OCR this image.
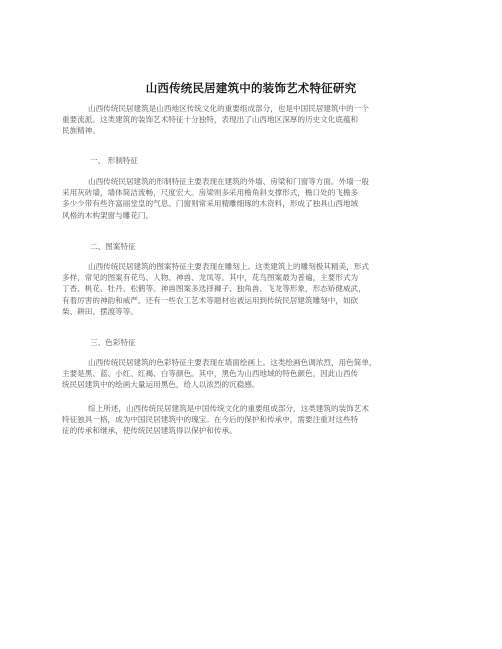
山西传统民居建筑中的装饰艺术特征研究
山西传统民居建筑是山西地区传统文化的重要组成部分，也是中国民居建筑中的一个
重要流派。这类建筑的装饰艺术特征十分独特，表现出了山西地区深厚的历史文化底蕴和
民族精神。
一、 形制特征
山西传统民居建筑的形制特征主要表现在建筑的外墙、房梁和门窗等方面。外墙一般
采用灰砖墙，墙体简洁流畅，尺度宏大。房梁则多采用檐角斜支撑形式，檐口处的飞檐多
多少少带有些许富丽堂皇的气息。门窗则常采用精雕细琢的木资料，形成了独具山西地域
风格的木构架窗与雕花门。
二、图案特征
山西传统民居建筑的图案特征主要表现在雕刻上。这类建筑上的雕刻极其精美，形式
多样，常见的图案有花鸟、人物、神兽、龙凤等。其中，花鸟图案最为普遍，主要形式为
丁香、桃花、牡丹、松鹤等。神兽图案多选择狮子、独角兽、飞龙等形象，形态矫健威武，
有着厉害的神韵和威严。还有一些农工艺术等题材也被运用到传统民居建筑雕刻中，如砍
柴、耕田、摆渡等等。
三、色彩特征
山西传统民居建筑的色彩特征主要表现在墙面绘画上。这类绘画色调浓烈，用色简单，
主要是黑、蓝、小红、红褐、白等颜色。其中，黑色为山西地域的特色颜色，因此山西传
统民居建筑中的绘画大量运用黑色，给人以浓烈的沉稳感。
综上所述，山西传统民居建筑是中国传统文化的重要组成部分，这类建筑的装饰艺术
特征独具一格，成为中国民居建筑中的瑰宝。在今后的保护和传承中，需要注重对这些特
征的传承和继承，使传统民居建筑得以保护和传承。
